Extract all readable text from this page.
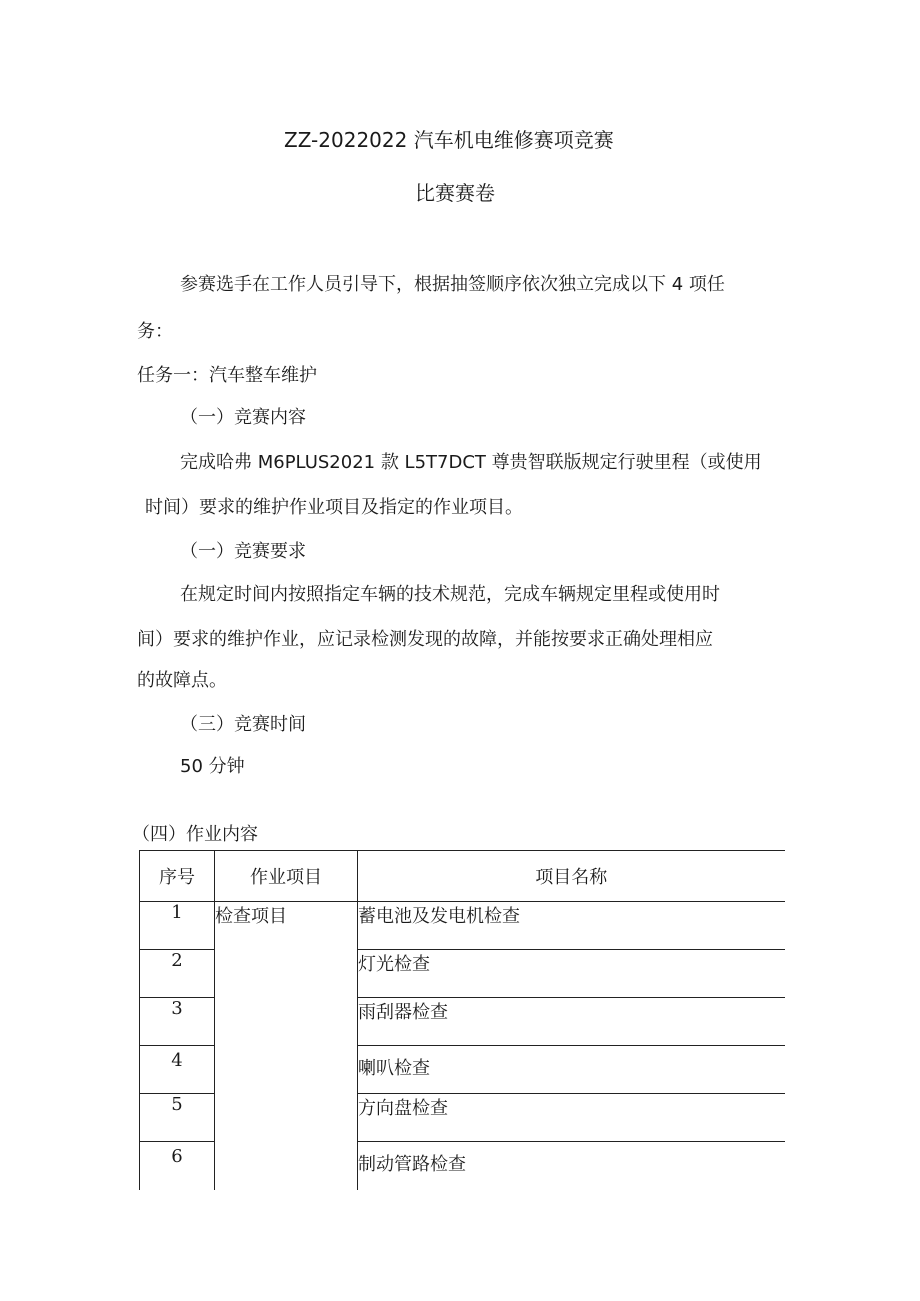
ZZ-2022022 汽车机电维修赛项竞赛
比赛赛卷
参赛选手在工作人员引导下，根据抽签顺序依次独立完成以下 4 项任
务：
任务一：汽车整车维护
（一）竞赛内容
完成哈弗 M6PLUS2021 款 L5T7DCT 尊贵智联版规定行驶里程（或使用
时间）要求的维护作业项目及指定的作业项目。
（一）竞赛要求
在规定时间内按照指定车辆的技术规范，完成车辆规定里程或使用时
间）要求的维护作业，应记录检测发现的故障，并能按要求正确处理相应
的故障点。
（三）竞赛时间
50 分钟
（四）作业内容
序号	作业项目	项目名称
1	检查项目	蓄电池及发电机检查
2		灯光检查
3		雨刮器检查
4		喇叭检查
5		方向盘检查
6		制动管路检查
